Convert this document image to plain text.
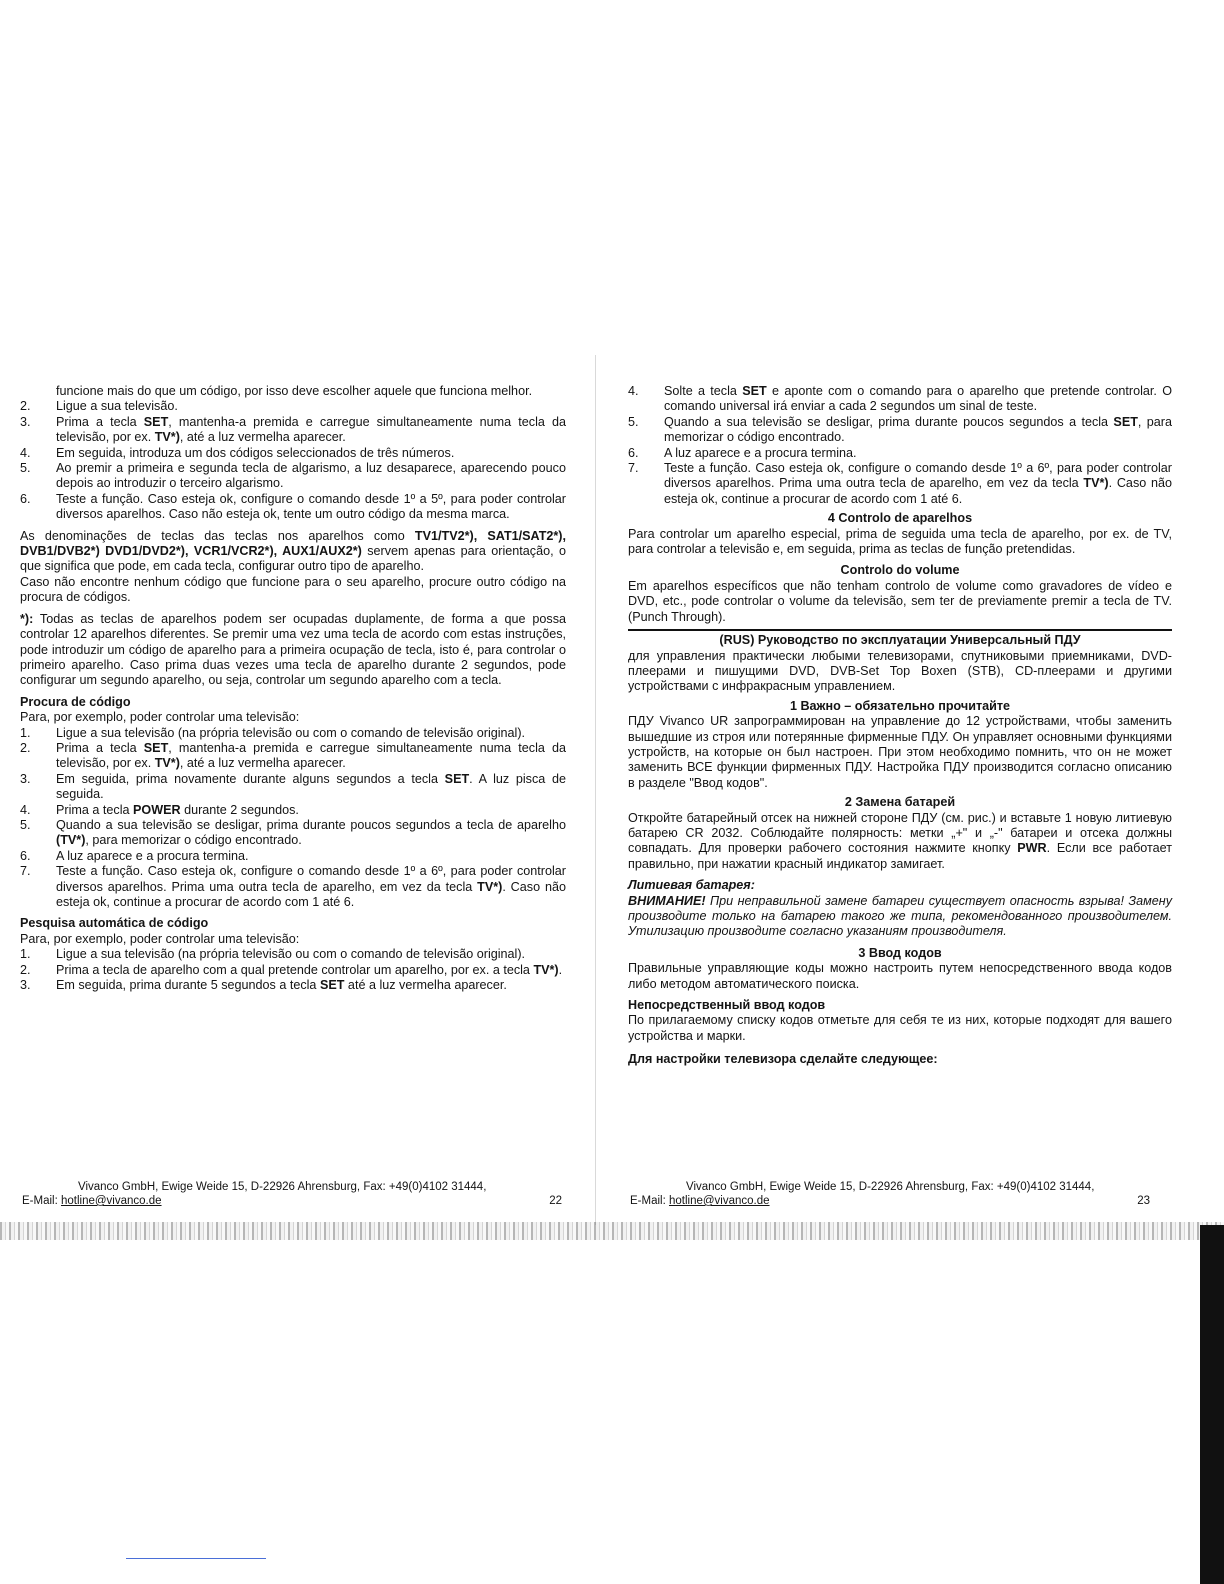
funcione mais do que um código, por isso deve escolher aquele que funciona melhor.

2. Ligue a sua televisão.
3. Prima a tecla SET, mantenha-a premida e carregue simultaneamente numa tecla da televisão, por ex. TV*), até a luz vermelha aparecer.
4. Em seguida, introduza um dos códigos seleccionados de três números.
5. Ao premir a primeira e segunda tecla de algarismo, a luz desaparece, aparecendo pouco depois ao introduzir o terceiro algarismo.
6. Teste a função. Caso esteja ok, configure o comando desde 1º a 5º, para poder controlar diversos aparelhos. Caso não esteja ok, tente um outro código da mesma marca.

As denominações de teclas das teclas nos aparelhos como TV1/TV2*), SAT1/SAT2*), DVB1/DVB2*) DVD1/DVD2*), VCR1/VCR2*), AUX1/AUX2*) servem apenas para orientação, o que significa que pode, em cada tecla, configurar outro tipo de aparelho.

Caso não encontre nenhum código que funcione para o seu aparelho, procure outro código na procura de códigos.

*): Todas as teclas de aparelhos podem ser ocupadas duplamente, de forma a que possa controlar 12 aparelhos diferentes. Se premir uma vez uma tecla de acordo com estas instruções, pode introduzir um código de aparelho para a primeira ocupação de tecla, isto é, para controlar o primeiro aparelho. Caso prima duas vezes uma tecla de aparelho durante 2 segundos, pode configurar um segundo aparelho, ou seja, controlar um segundo aparelho com a tecla.

Procura de código

Para, por exemplo, poder controlar uma televisão:

1. Ligue a sua televisão (na própria televisão ou com o comando de televisão original).
2. Prima a tecla SET, mantenha-a premida e carregue simultaneamente numa tecla da televisão, por ex. TV*), até a luz vermelha aparecer.
3. Em seguida, prima novamente durante alguns segundos a tecla SET. A luz pisca de seguida.
4. Prima a tecla POWER durante 2 segundos.
5. Quando a sua televisão se desligar, prima durante poucos segundos a tecla de aparelho (TV*), para memorizar o código encontrado.
6. A luz aparece e a procura termina.
7. Teste a função. Caso esteja ok, configure o comando desde 1º a 6º, para poder controlar diversos aparelhos. Prima uma outra tecla de aparelho, em vez da tecla TV*). Caso não esteja ok, continue a procurar de acordo com 1 até 6.

Pesquisa automática de código

Para, por exemplo, poder controlar uma televisão:

1. Ligue a sua televisão (na própria televisão ou com o comando de televisão original).
2. Prima a tecla de aparelho com a qual pretende controlar um aparelho, por ex. a tecla TV*).
3. Em seguida, prima durante 5 segundos a tecla SET até a luz vermelha aparecer.
Vivanco GmbH, Ewige Weide 15, D-22926 Ahrensburg, Fax: +49(0)4102 31444,
E-Mail: hotline@vivanco.de	22
4. Solte a tecla SET e aponte com o comando para o aparelho que pretende controlar. O comando universal irá enviar a cada 2 segundos um sinal de teste.
5. Quando a sua televisão se desligar, prima durante poucos segundos a tecla SET, para memorizar o código encontrado.
6. A luz aparece e a procura termina.
7. Teste a função. Caso esteja ok, configure o comando desde 1º a 6º, para poder controlar diversos aparelhos. Prima uma outra tecla de aparelho, em vez da tecla TV*). Caso não esteja ok, continue a procurar de acordo com 1 até 6.

4 Controlo de aparelhos

Para controlar um aparelho especial, prima de seguida uma tecla de aparelho, por ex. de TV, para controlar a televisão e, em seguida, prima as teclas de função pretendidas.

Controlo do volume

Em aparelhos específicos que não tenham controlo de volume como gravadores de vídeo e DVD, etc., pode controlar o volume da televisão, sem ter de previamente premir a tecla de TV. (Punch Through).

(RUS) Руководство по эксплуатации Универсальный ПДУ

для управления практически любыми телевизорами, спутниковыми приемниками, DVD-плеерами и пишущими DVD, DVB-Set Top Boxen (STB), CD-плеерами и другими устройствами с инфракрасным управлением.

1 Важно – обязательно прочитайте

ПДУ Vivanco UR запрограммирован на управление до 12 устройствами, чтобы заменить вышедшие из строя или потерянные фирменные ПДУ. Он управляет основными функциями устройств, на которые он был настроен. При этом необходимо помнить, что он не может заменить ВСЕ функции фирменных ПДУ. Настройка ПДУ производится согласно описанию в разделе "Ввод кодов".

2 Замена батарей

Откройте батарейный отсек на нижней стороне ПДУ (см. рис.) и вставьте 1 новую литиевую батарею CR 2032. Соблюдайте полярность: метки „+" и „-" батареи и отсека должны совпадать. Для проверки рабочего состояния нажмите кнопку PWR. Если все работает правильно, при нажатии красный индикатор замигает.

Литиевая батарея:

ВНИМАНИЕ! При неправильной замене батареи существует опасность взрыва! Замену производите только на батарею такого же типа, рекомендованного производителем. Утилизацию производите согласно указаниям производителя.

3 Ввод кодов

Правильные управляющие коды можно настроить путем непосредственного ввода кодов либо методом автоматического поиска.

Непосредственный ввод кодов

По прилагаемому списку кодов отметьте для себя те из них, которые подходят для вашего устройства и марки.

Для настройки телевизора сделайте следующее:

Vivanco GmbH, Ewige Weide 15, D-22926 Ahrensburg, Fax: +49(0)4102 31444,
E-Mail: hotline@vivanco.de	23
